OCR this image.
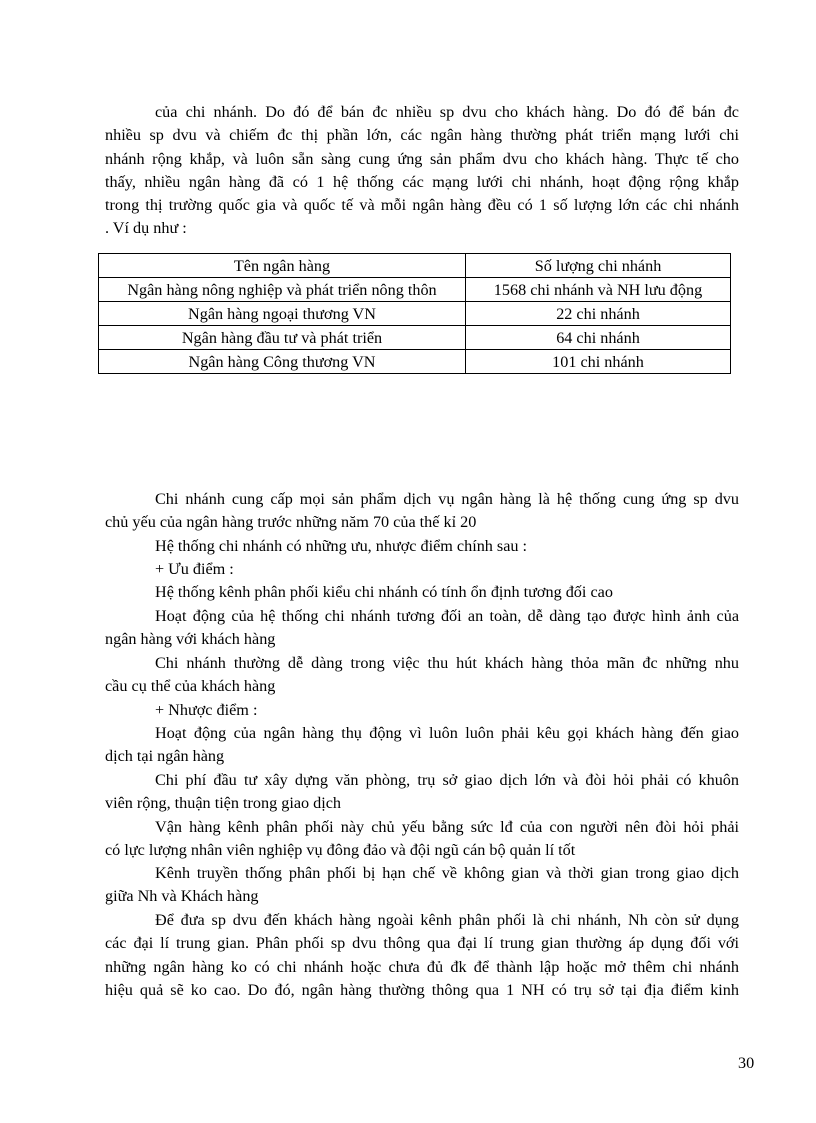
của chi nhánh. Do đó để bán đc nhiều sp dvu cho khách hàng. Do đó để bán đc
nhiều sp dvu và chiếm đc thị phần lớn, các ngân hàng thường phát triển mạng lưới chi
nhánh rộng khắp, và luôn sẵn sàng cung ứng sản phẩm dvu cho khách hàng. Thực tế cho
thấy, nhiều ngân hàng đã có 1 hệ thống các mạng lưới chi nhánh, hoạt động rộng khắp
trong thị trường quốc gia và quốc tế và mỗi ngân hàng đều có 1 số lượng lớn các chi nhánh
. Ví dụ như :
Tên ngân hàng	Số lượng chi nhánh
Ngân hàng nông nghiệp và phát triển nông thôn	1568 chi nhánh và NH lưu động
Ngân hàng ngoại thương VN	22 chi nhánh
Ngân hàng đầu tư và phát triển	64 chi nhánh
Ngân hàng Công thương VN	101 chi nhánh
Chi nhánh cung cấp mọi sản phẩm dịch vụ ngân hàng là hệ thống cung ứng sp dvu
chủ yếu của ngân hàng trước những năm 70 của thế kỉ 20
Hệ thống chi nhánh có những ưu, nhược điểm chính sau :
+ Ưu điểm :
Hệ thống kênh phân phối kiểu chi nhánh có tính ổn định tương đối cao
Hoạt động của hệ thống chi nhánh tương đối an toàn, dễ dàng tạo được hình ảnh của
ngân hàng với khách hàng
Chi nhánh thường dễ dàng trong việc thu hút khách hàng thỏa mãn đc những nhu
cầu cụ thể của khách hàng
+ Nhược điểm :
Hoạt động của ngân hàng thụ động vì luôn luôn phải kêu gọi khách hàng đến giao
dịch tại ngân hàng
Chi phí đầu tư xây dựng văn phòng, trụ sở giao dịch lớn và đòi hỏi phải có khuôn
viên rộng, thuận tiện trong giao dịch
Vận hàng kênh phân phối này chủ yếu bằng sức lđ của con người nên đòi hỏi phải
có lực lượng nhân viên nghiệp vụ đông đảo và đội ngũ cán bộ quản lí tốt
Kênh truyền thống phân phối bị hạn chế về không gian và thời gian trong giao dịch
giữa Nh và Khách hàng
Để đưa sp dvu đến khách hàng ngoài kênh phân phối là chi nhánh, Nh còn sử dụng
các đại lí trung gian. Phân phối sp dvu thông qua đại lí trung gian thường áp dụng đối với
những ngân hàng ko có chi nhánh hoặc chưa đủ đk để thành lập hoặc mở thêm chi nhánh
hiệu quả sẽ ko cao. Do đó, ngân hàng thường thông qua 1 NH có trụ sở tại địa điểm kinh
30
